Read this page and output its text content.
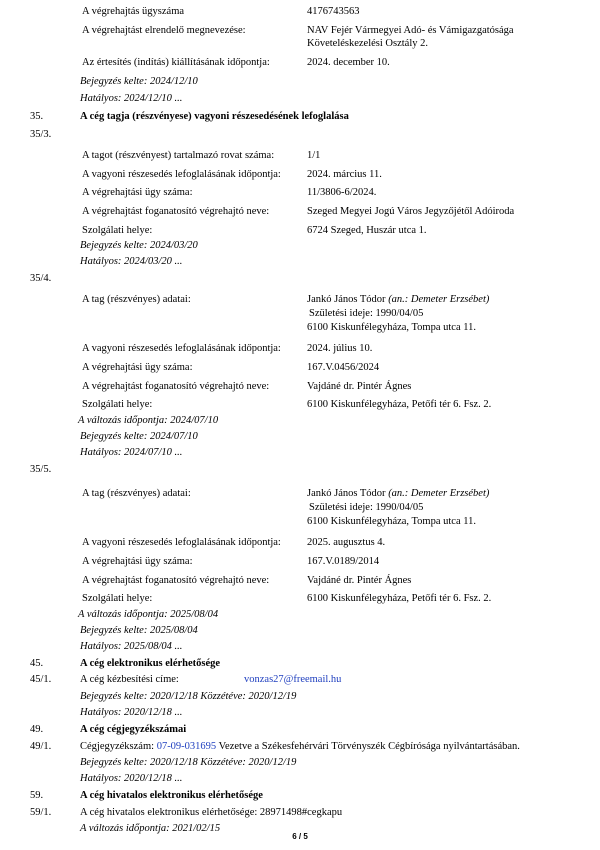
A végrehajtás ügyszáma	4176743563
A végrehajtást elrendelő megnevezése:	NAV Fejér Vármegyei Adó- és Vámigazgatósága
Követeléskezelési Osztály 2.
Az értesítés (indítás) kiállításának időpontja:	2024. december 10.
Bejegyzés kelte: 2024/12/10
Hatályos: 2024/12/10 ...
35.	A cég tagja (részvényese) vagyoni részesedésének lefoglalása
35/3.
A tagot (részvényest) tartalmazó rovat száma:	1/1
A vagyoni részesedés lefoglalásának időpontja: 2024. március 11.
A végrehajtási ügy száma:	11/3806-6/2024.
A végrehajtást foganatosító végrehajtó neve:	Szeged Megyei Jogú Város Jegyzőjétől Adóiroda
Szolgálati helye:	6724 Szeged, Huszár utca 1.
Bejegyzés kelte: 2024/03/20
Hatályos: 2024/03/20 ...
35/4.
A tag (részvényes) adatai:	Jankó János Tódor (an.: Demeter Erzsébet)
Születési ideje: 1990/04/05
6100 Kiskunfélegyháza, Tompa utca 11.
A vagyoni részesedés lefoglalásának időpontja: 2024. július 10.
A végrehajtási ügy száma:	167.V.0456/2024
A végrehajtást foganatosító végrehajtó neve:	Vajdáné dr. Pintér Ágnes
Szolgálati helye:	6100 Kiskunfélegyháza, Petőfi tér 6. Fsz. 2.
A változás időpontja: 2024/07/10
Bejegyzés kelte: 2024/07/10
Hatályos: 2024/07/10 ...
35/5.
A tag (részvényes) adatai:	Jankó János Tódor (an.: Demeter Erzsébet)
Születési ideje: 1990/04/05
6100 Kiskunfélegyháza, Tompa utca 11.
A vagyoni részesedés lefoglalásának időpontja: 2025. augusztus 4.
A végrehajtási ügy száma:	167.V.0189/2014
A végrehajtást foganatosító végrehajtó neve:	Vajdáné dr. Pintér Ágnes
Szolgálati helye:	6100 Kiskunfélegyháza, Petőfi tér 6. Fsz. 2.
A változás időpontja: 2025/08/04
Bejegyzés kelte: 2025/08/04
Hatályos: 2025/08/04 ...
45.	A cég elektronikus elérhetősége
45/1.	A cég kézbesítési címe:	vonzas27@freemail.hu
Bejegyzés kelte: 2020/12/18 Közzétéve: 2020/12/19
Hatályos: 2020/12/18 ...
49.	A cég cégjegyzékszámai
49/1.	Cégjegyzékszám: 07-09-031695 Vezetve a Székesfehérvári Törvényszék Cégbírósága nyilvántartásában.
Bejegyzés kelte: 2020/12/18 Közzétéve: 2020/12/19
Hatályos: 2020/12/18 ...
59.	A cég hivatalos elektronikus elérhetősége
59/1.	A cég hivatalos elektronikus elérhetősége: 28971498#cegkapu
A változás időpontja: 2021/02/15
6 / 5
